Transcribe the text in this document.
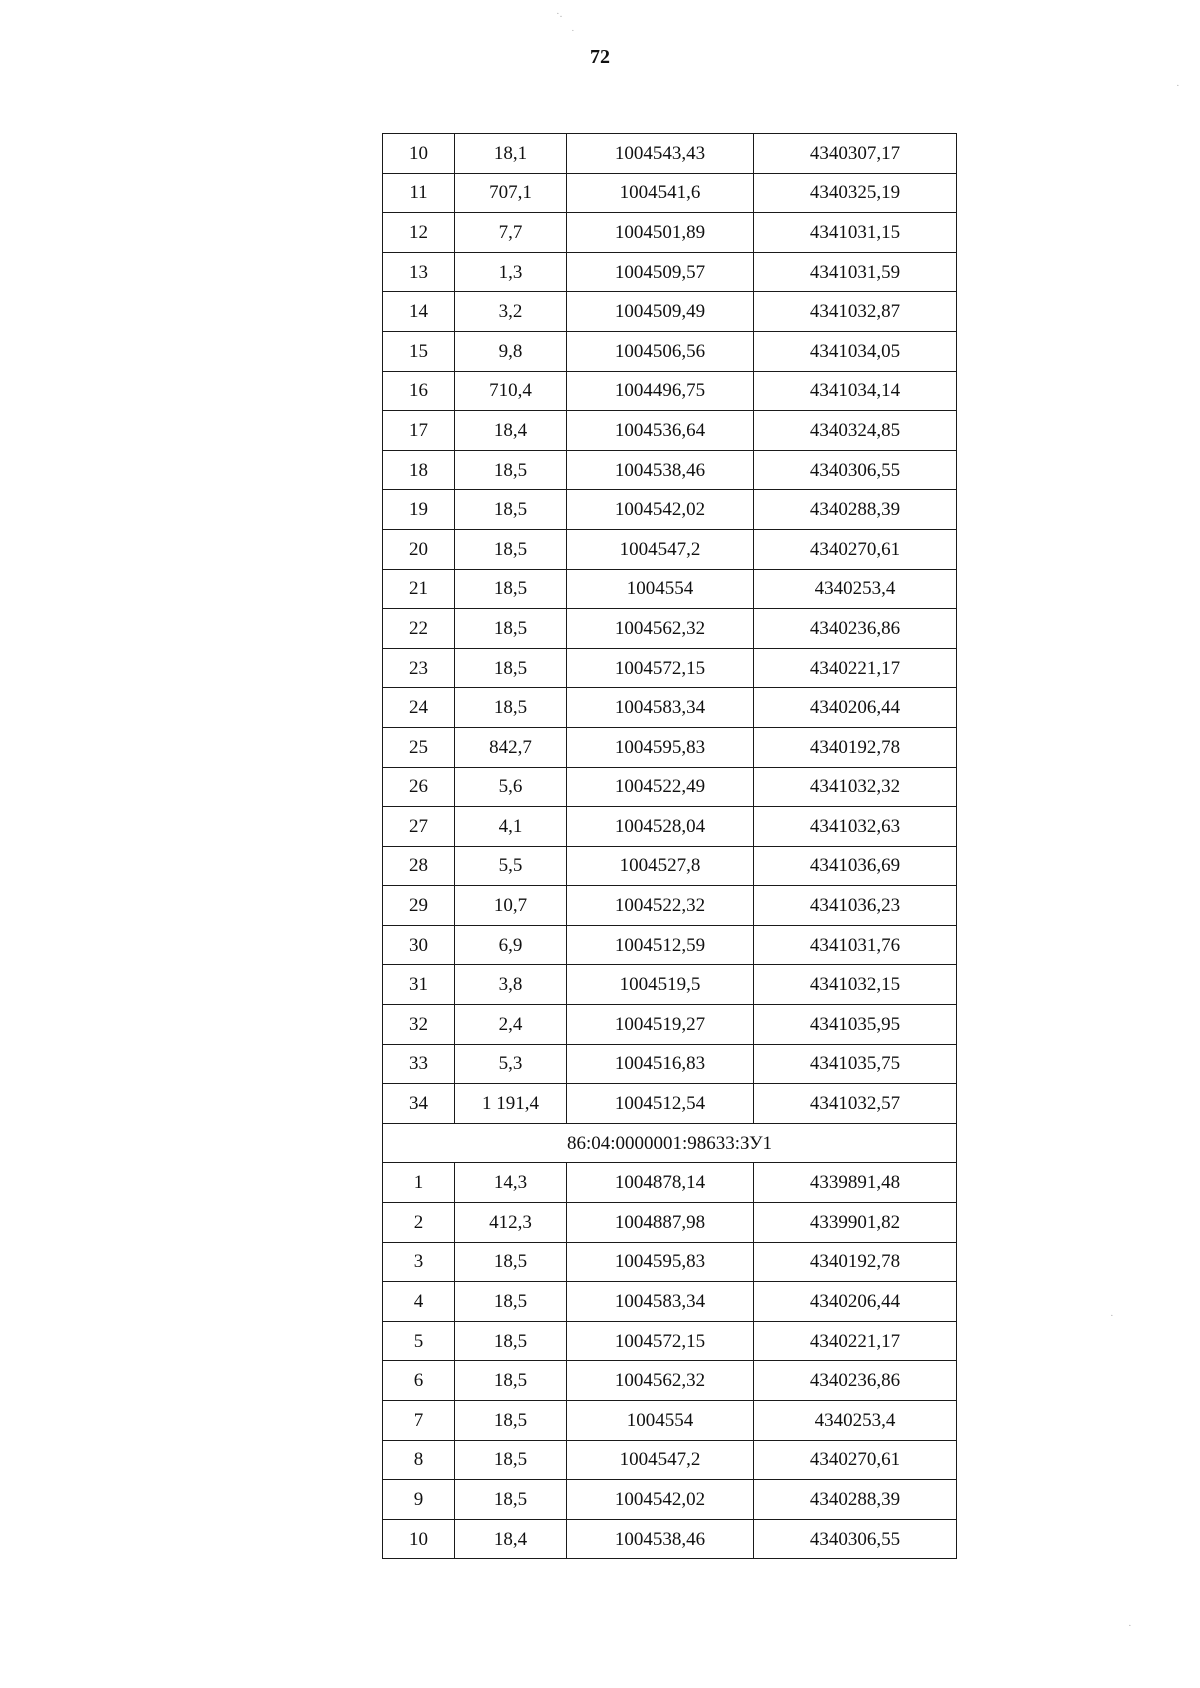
72
·.
˙
·
·
·
10	18,1	1004543,43	4340307,17
11	707,1	1004541,6	4340325,19
12	7,7	1004501,89	4341031,15
13	1,3	1004509,57	4341031,59
14	3,2	1004509,49	4341032,87
15	9,8	1004506,56	4341034,05
16	710,4	1004496,75	4341034,14
17	18,4	1004536,64	4340324,85
18	18,5	1004538,46	4340306,55
19	18,5	1004542,02	4340288,39
20	18,5	1004547,2	4340270,61
21	18,5	1004554	4340253,4
22	18,5	1004562,32	4340236,86
23	18,5	1004572,15	4340221,17
24	18,5	1004583,34	4340206,44
25	842,7	1004595,83	4340192,78
26	5,6	1004522,49	4341032,32
27	4,1	1004528,04	4341032,63
28	5,5	1004527,8	4341036,69
29	10,7	1004522,32	4341036,23
30	6,9	1004512,59	4341031,76
31	3,8	1004519,5	4341032,15
32	2,4	1004519,27	4341035,95
33	5,3	1004516,83	4341035,75
34	1 191,4	1004512,54	4341032,57
86:04:0000001:98633:ЗУ1			
1	14,3	1004878,14	4339891,48
2	412,3	1004887,98	4339901,82
3	18,5	1004595,83	4340192,78
4	18,5	1004583,34	4340206,44
5	18,5	1004572,15	4340221,17
6	18,5	1004562,32	4340236,86
7	18,5	1004554	4340253,4
8	18,5	1004547,2	4340270,61
9	18,5	1004542,02	4340288,39
10	18,4	1004538,46	4340306,55
